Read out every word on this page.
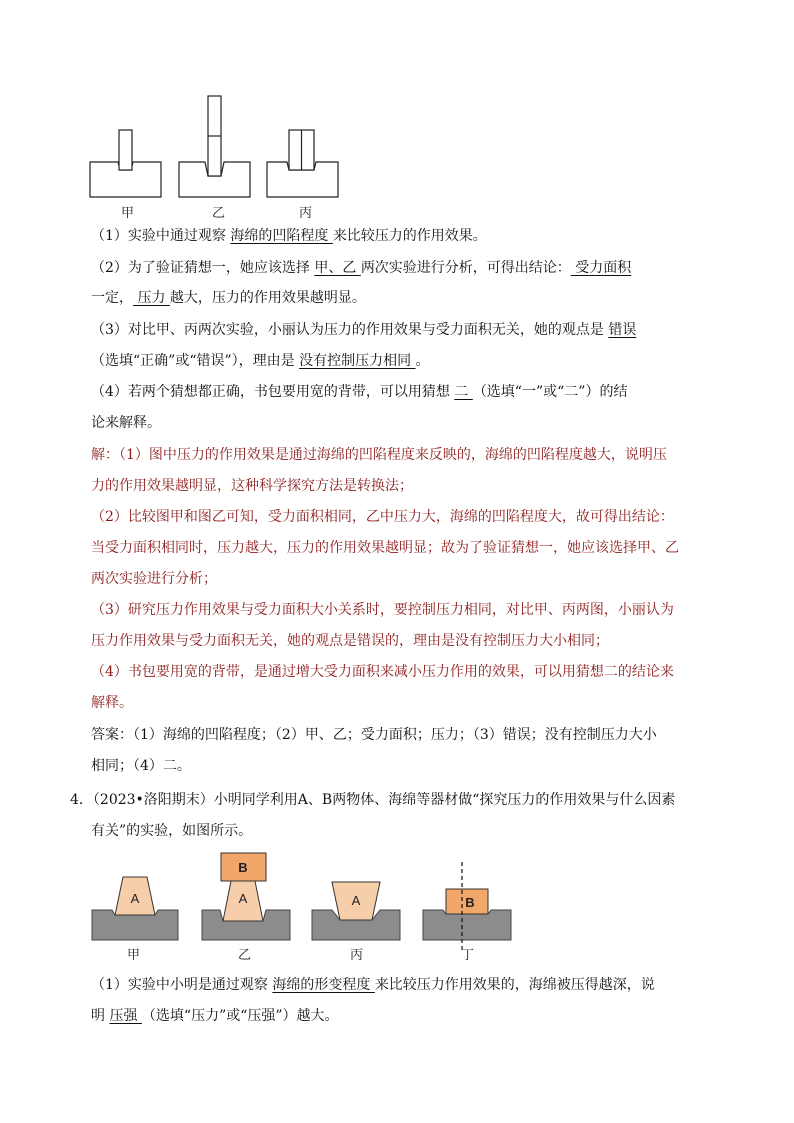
甲	乙	丙
（1）实验中通过观察 海绵的凹陷程度 来比较压力的作用效果。
（2）为了验证猜想一，她应该选择 甲、乙 两次实验进行分析，可得出结论： 受力面积
一定， 压力 越大，压力的作用效果越明显。
（3）对比甲、丙两次实验，小丽认为压力的作用效果与受力面积无关，她的观点是 错误
（选填“正确”或“错误”），理由是 没有控制压力相同 。
（4）若两个猜想都正确，书包要用宽的背带，可以用猜想 二 （选填“一”或“二”）的结
论来解释。
解：（1）图中压力的作用效果是通过海绵的凹陷程度来反映的，海绵的凹陷程度越大，说明压
力的作用效果越明显，这种科学探究方法是转换法；
（2）比较图甲和图乙可知，受力面积相同，乙中压力大，海绵的凹陷程度大，故可得出结论：
当受力面积相同时，压力越大，压力的作用效果越明显；故为了验证猜想一，她应该选择甲、乙
两次实验进行分析；
（3）研究压力作用效果与受力面积大小关系时，要控制压力相同，对比甲、丙两图，小丽认为
压力作用效果与受力面积无关，她的观点是错误的，理由是没有控制压力大小相同；
（4）书包要用宽的背带，是通过增大受力面积来减小压力作用的效果，可以用猜想二的结论来
解释。
答案：（1）海绵的凹陷程度；（2）甲、乙；受力面积；压力；（3）错误；没有控制压力大小
相同；（4）二。
4．（2023•洛阳期末）小明同学利用A、B两物体、海绵等器材做“探究压力的作用效果与什么因素
有关”的实验，如图所示。
A	A
B
A	B
甲	乙	丙	丁
（1）实验中小明是通过观察 海绵的形变程度 来比较压力作用效果的，海绵被压得越深，说
明 压强 （选填“压力”或“压强”）越大。
